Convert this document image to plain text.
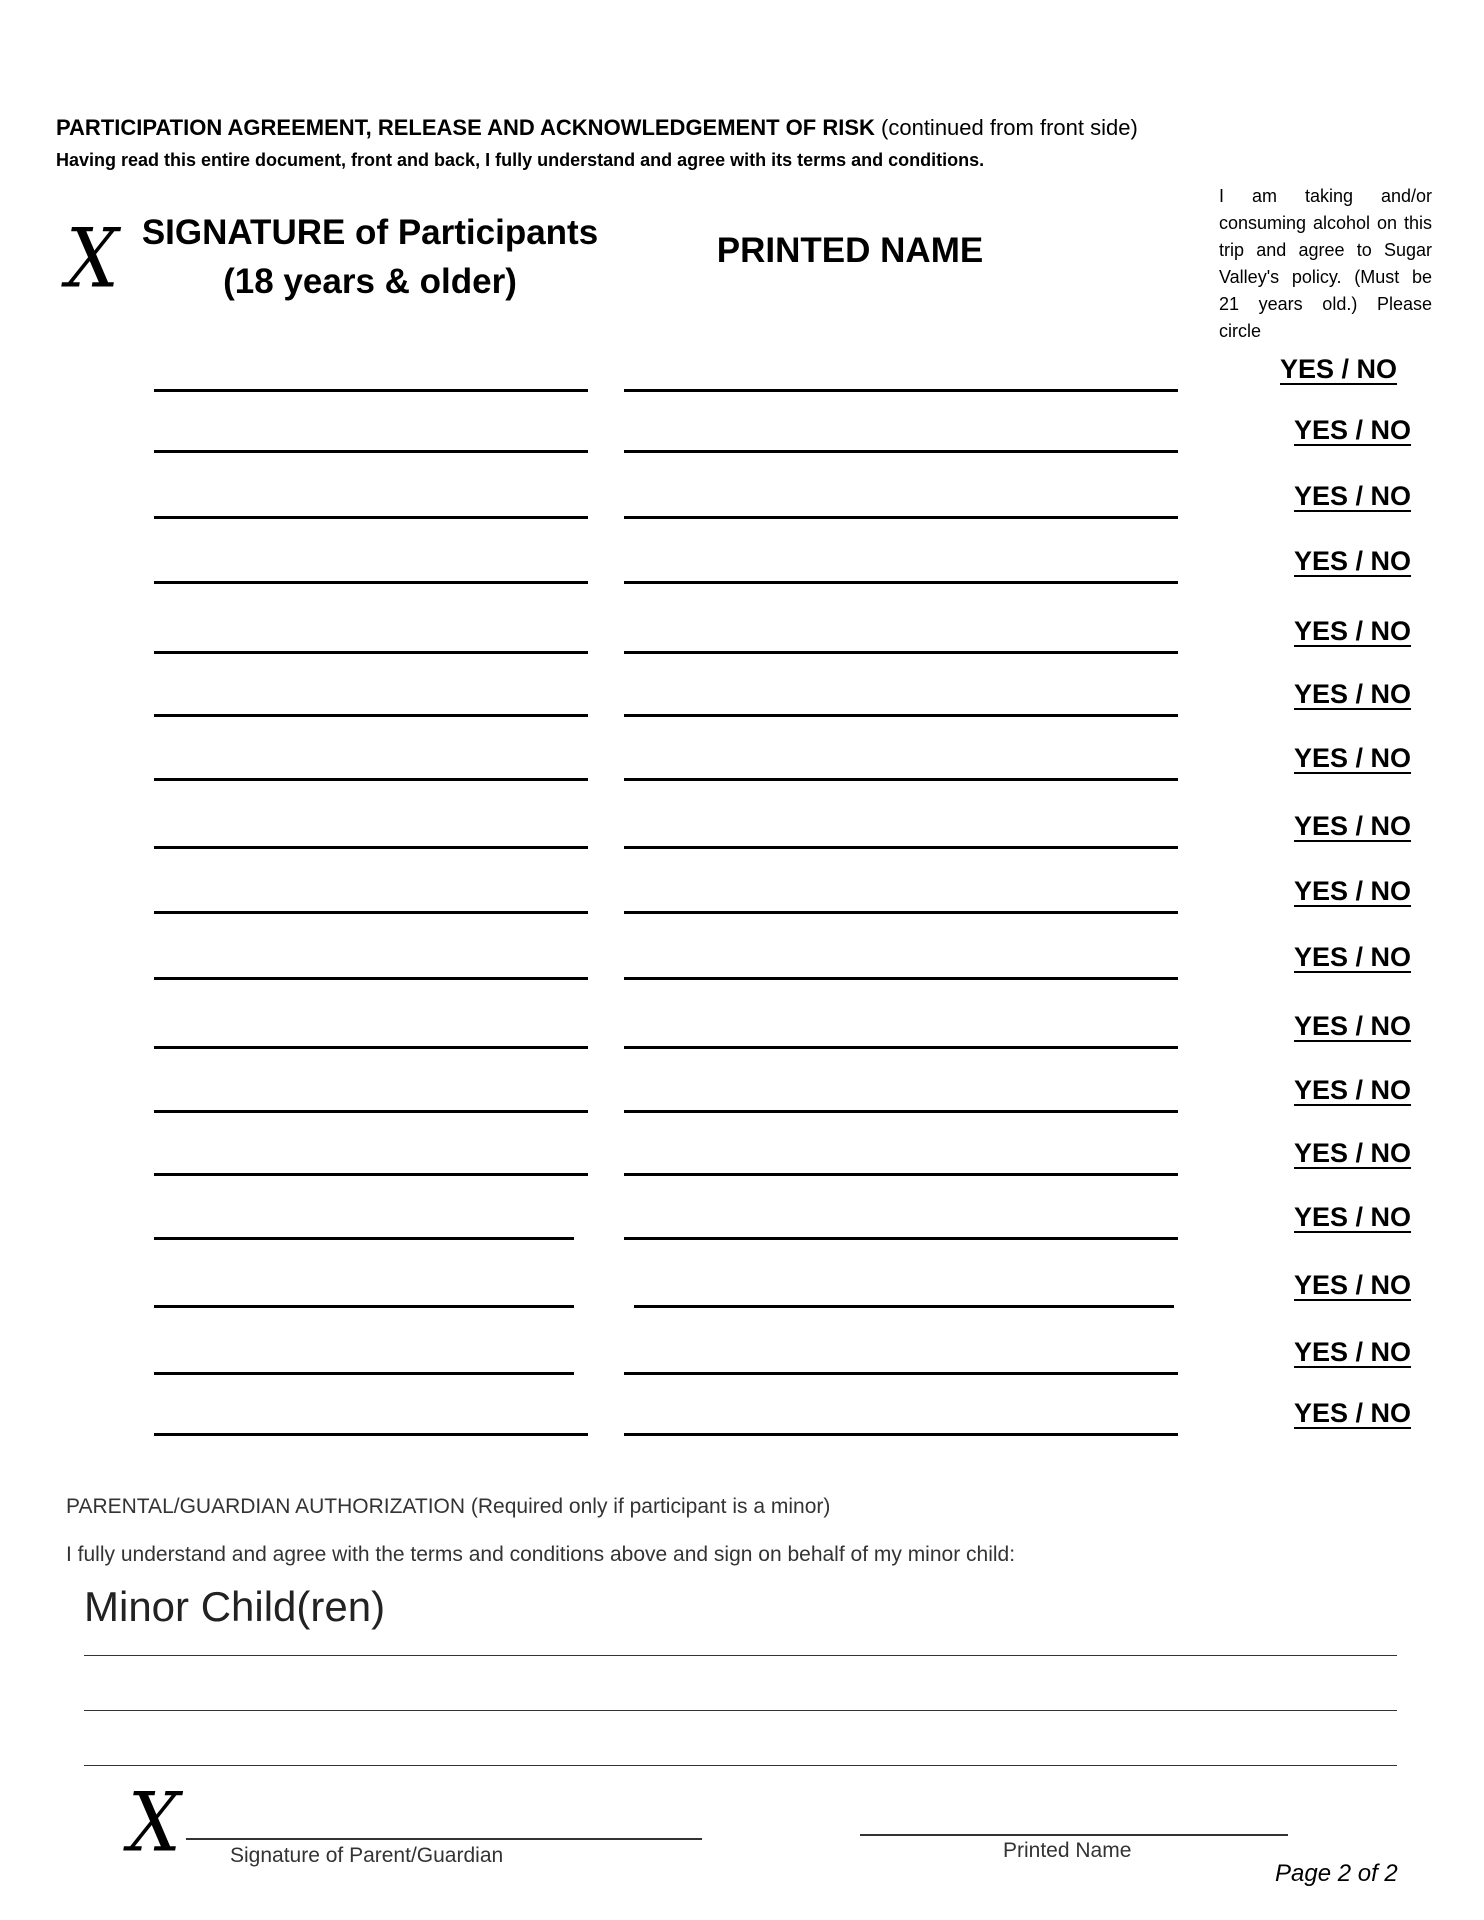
PARTICIPATION AGREEMENT, RELEASE AND ACKNOWLEDGEMENT OF RISK (continued from front side)
Having read this entire document, front and back, I fully understand and agree with its terms and conditions.
X SIGNATURE of Participants
(18 years & older)
PRINTED NAME
I am taking and/or consuming alcohol on this trip and agree to Sugar Valley's policy. (Must be 21 years old.) Please circle
YES / NO
YES / NO
YES / NO
YES / NO
YES / NO
YES / NO
YES / NO
YES / NO
YES / NO
YES / NO
YES / NO
YES / NO
YES / NO
YES / NO
YES / NO
YES / NO
YES / NO
PARENTAL/GUARDIAN AUTHORIZATION (Required only if participant is a minor)
I fully understand and agree with the terms and conditions above and sign on behalf of my minor child:
Minor Child(ren)
X Signature of Parent/Guardian	Printed Name
Page 2 of 2
